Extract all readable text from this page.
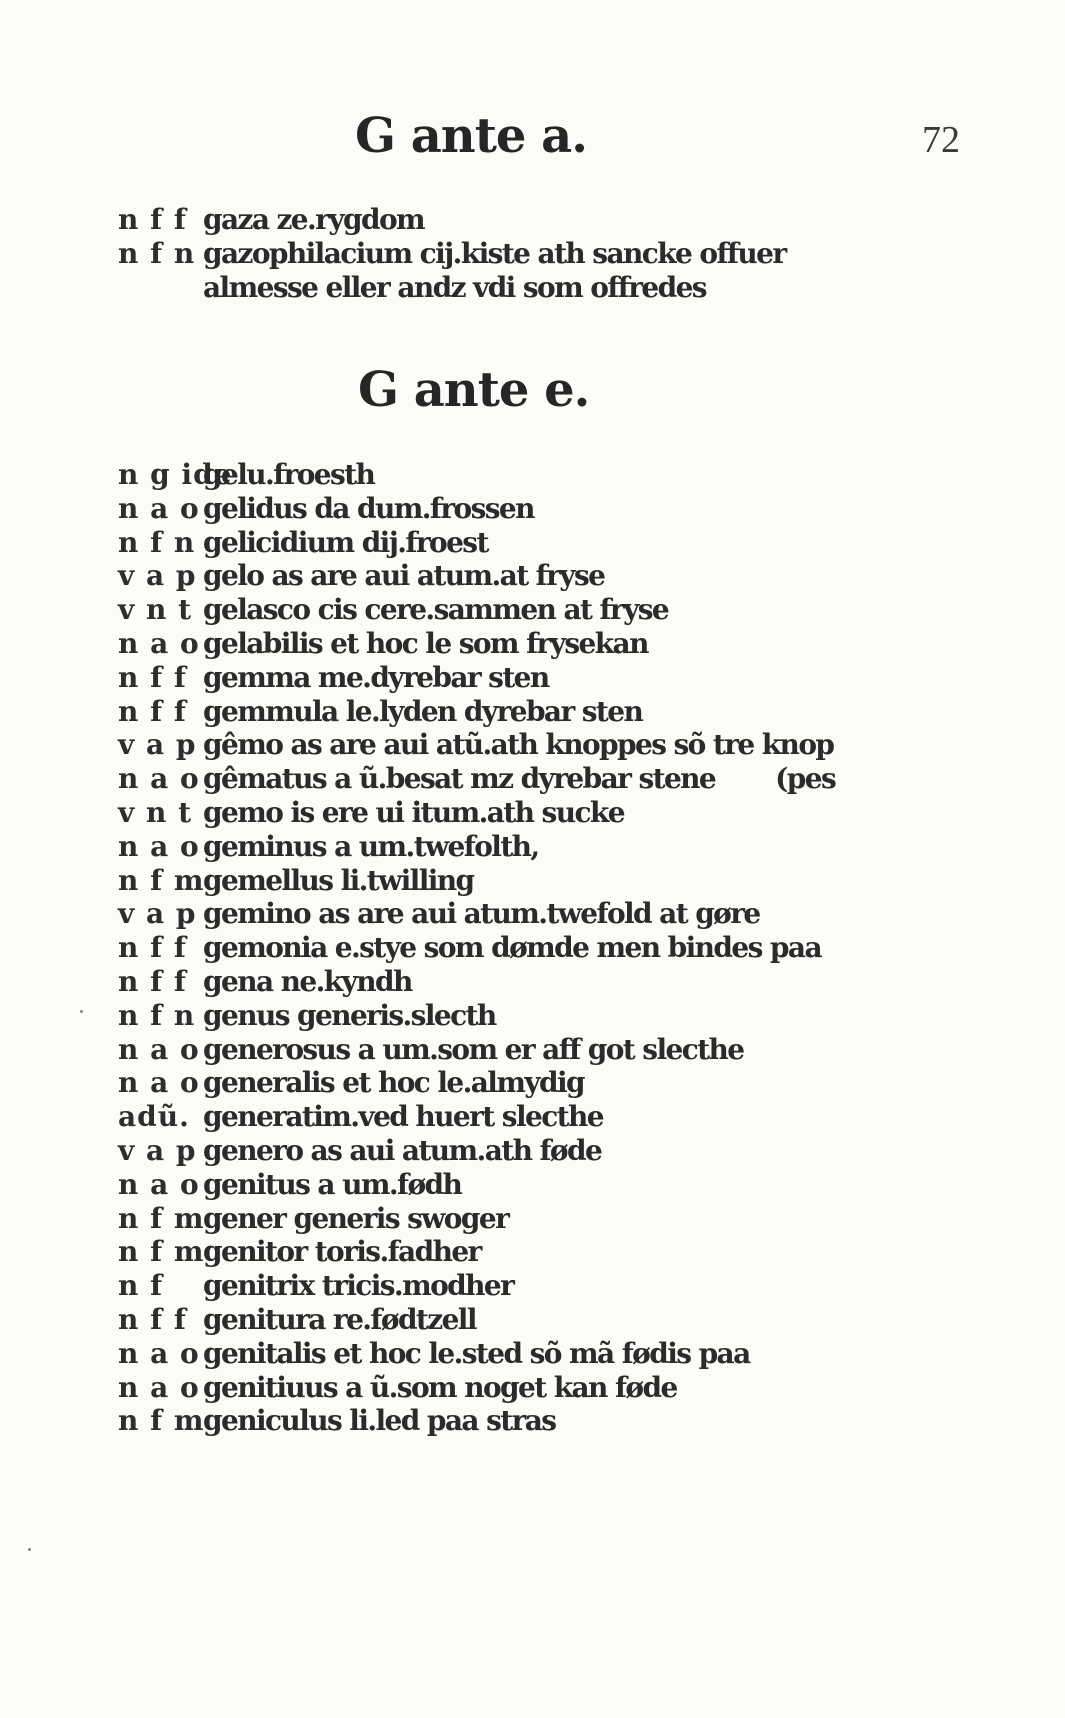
72
G ante a.
n f f gaza ze.rygdom
n f n gazophilacium cij.kiste ath sancke offuer
almesse eller andz vdi som offredes
G ante e.
n g ide
gelu.froesth
n a o gelidus da dum.frossen
n f n gelicidium dij.froest
v a p gelo as are aui atum.at fryse
v n t gelasco cis cere.sammen at fryse
n a o gelabilis et hoc le som frysekan
n f f gemma me.dyrebar sten
n f f gemmula le.lyden dyrebar sten
v a p gêmo as are aui atũ.ath knoppes sõ tre knop
n a o gêmatus a ũ.besat mz dyrebar stene (pes
v n t gemo is ere ui itum.ath sucke
n a o geminus a um.twefolth,
n f m
gemellus li.twilling
v a p gemino as are aui atum.twefold at gøre
n f f gemonia e.stye som dømde men bindes paa
n f f gena ne.kyndh
n f n genus generis.slecth
n a o generosus a um.som er aff got slecthe
n a o generalis et hoc le.almydig
adũ. generatim.ved huert slecthe
v a p genero as aui atum.ath føde
n a o genitus a um.fødh
n f m
gener generis swoger
n f m
genitor toris.fadher
n f	genitrix tricis.modher
n f f genitura re.fødtzell
n a o genitalis et hoc le.sted sõ mã fødis paa
n a o genitiuus a ũ.som noget kan føde
n f m
geniculus li.led paa stras
